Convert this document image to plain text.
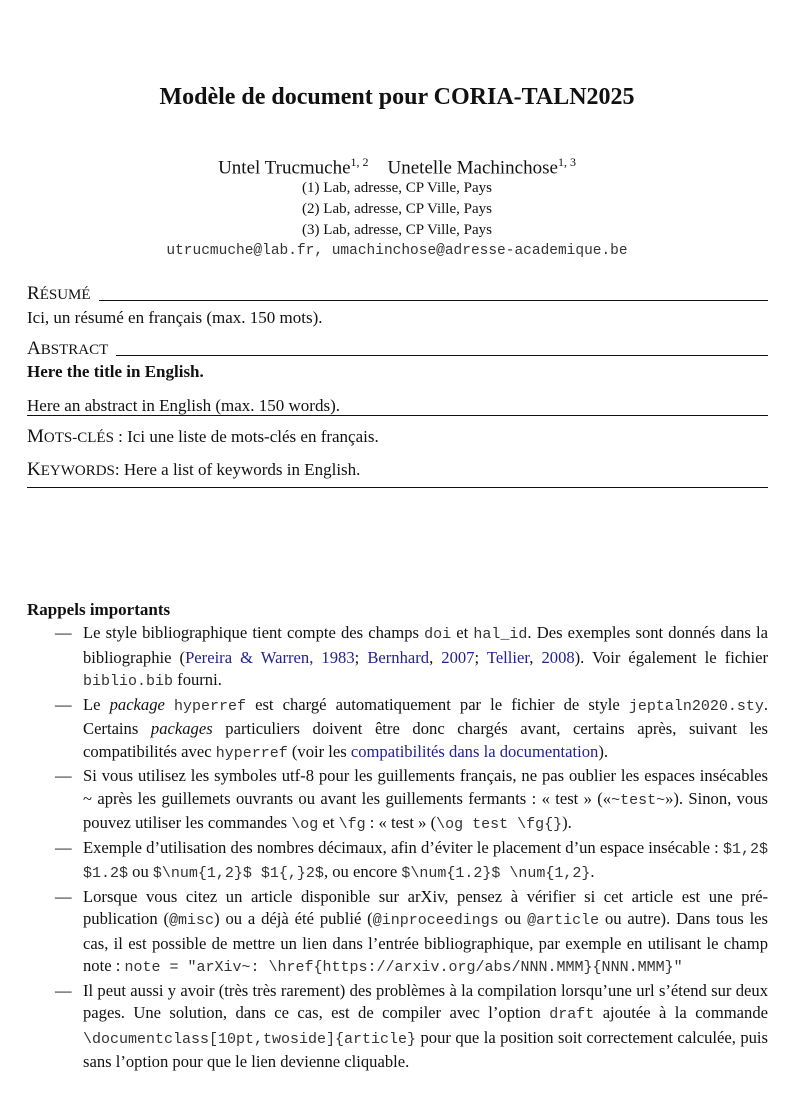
Modèle de document pour CORIA-TALN2025
Untel Trucmuche$^{1, 2}$ Unetelle Machinchose$^{1, 3}$
(1) Lab, adresse, CP Ville, Pays
(2) Lab, adresse, CP Ville, Pays
(3) Lab, adresse, CP Ville, Pays
utrucmuche@lab.fr, umachinchose@adresse-academique.be
RÉSUMÉ
Ici, un résumé en français (max. 150 mots).
ABSTRACT
Here the title in English.
Here an abstract in English (max. 150 words).
MOTS-CLÉS : Ici une liste de mots-clés en français.
KEYWORDS: Here a list of keywords in English.
Rappels importants
— Le style bibliographique tient compte des champs doi et hal_id. Des exemples sont donnés dans la bibliographie (Pereira & Warren, 1983; Bernhard, 2007; Tellier, 2008). Voir également le fichier biblio.bib fourni.
— Le package hyperref est chargé automatiquement par le fichier de style jeptaln2020.sty. Certains packages particuliers doivent être donc chargés avant, certains après, suivant les compatibilités avec hyperref (voir les compatibilités dans la documentation).
— Si vous utilisez les symboles utf-8 pour les guillements français, ne pas oublier les espaces insécables ~ après les guillemets ouvrants ou avant les guillements fermants : « test » («~test~»). Sinon, vous pouvez utiliser les commandes \og et \fg : « test » (\og test \fg{}).
— Exemple d’utilisation des nombres décimaux, afin d’éviter le placement d’un espace insécable : $1,2$ $1.2$ ou $\num{1,2}$ $1{,}2$, ou encore $\num{1.2}$ \num{1,2}.
— Lorsque vous citez un article disponible sur arXiv, pensez à vérifier si cet article est une pré-publication (@misc) ou a déjà été publié (@inproceedings ou @article ou autre). Dans tous les cas, il est possible de mettre un lien dans l’entrée bibliographique, par exemple en utilisant le champ note : note = "arXiv~: \href{https://arxiv.org/abs/NNN.MMM}{NNN.MMM}"
— Il peut aussi y avoir (très très rarement) des problèmes à la compilation lorsqu’une url s’étend sur deux pages. Une solution, dans ce cas, est de compiler avec l’option draft ajoutée à la commande \documentclass[10pt,twoside]{article} pour que la position soit correctement calculée, puis sans l’option pour que le lien devienne cliquable.
